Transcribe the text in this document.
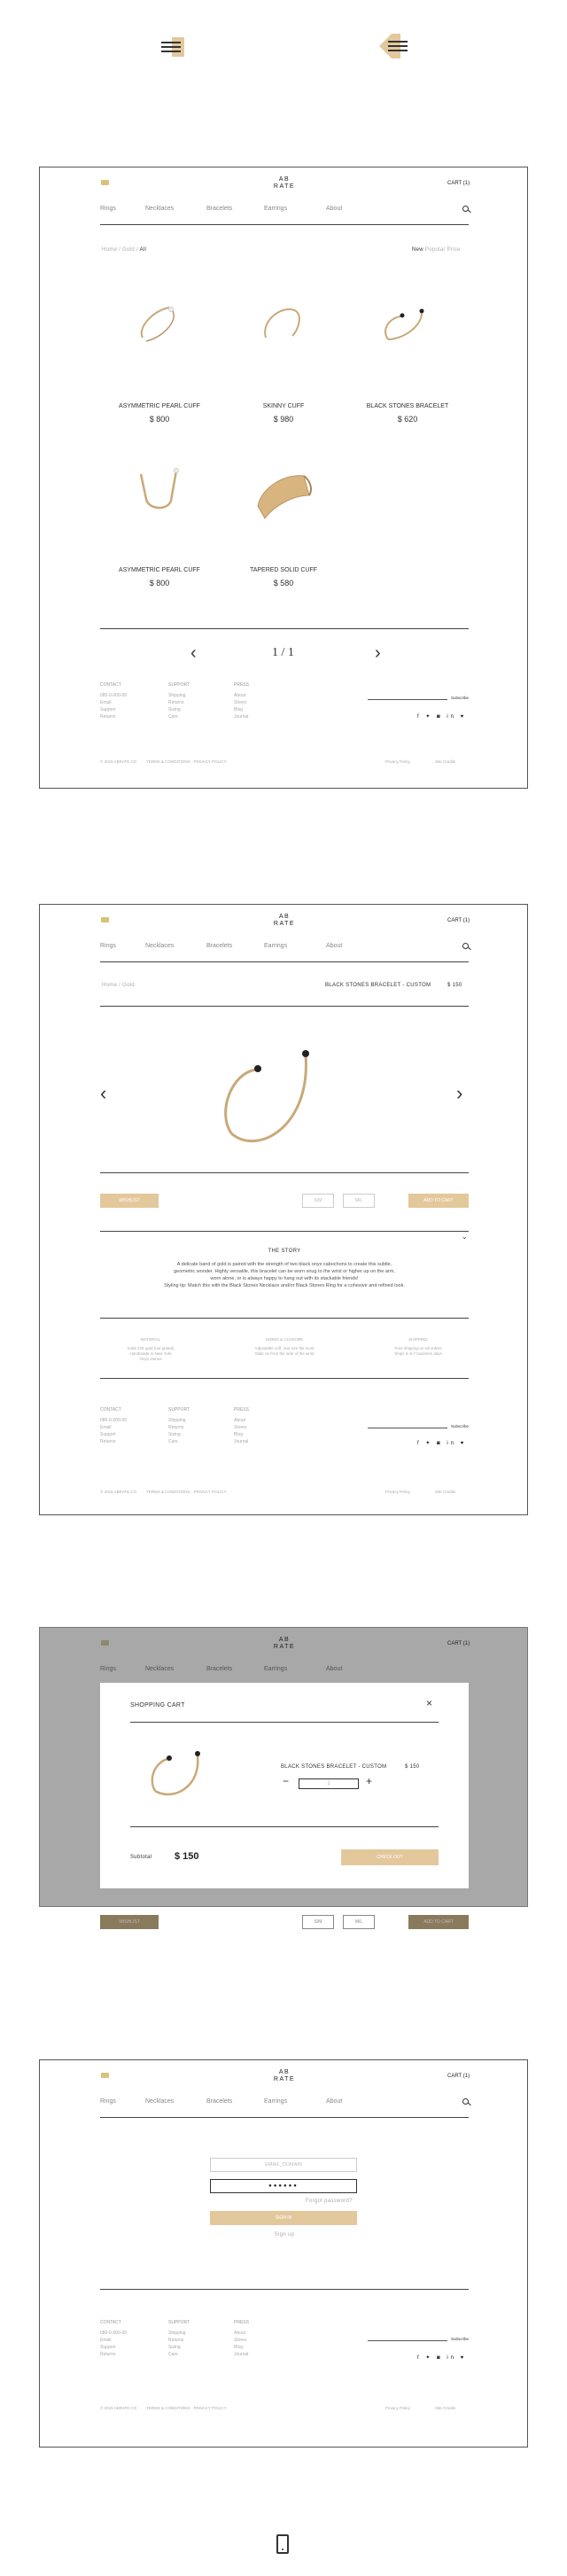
AB
RATE	CART (1)
Rings	Necklaces	Bracelets	Earrings	About
Home / Gold / All	New Popular Price
ASYMMETRIC PEARL CUFF
$ 800
SKINNY CUFF
$ 980
BLACK STONES BRACELET
$ 620
ASYMMETRIC PEARL CUFF
$ 800
TAPERED SOLID CUFF
$ 580
‹	1 / 1	›
CONTACT
080-0-000-00
Email
Support
Returns
SUPPORT
Shipping
Returns
Sizing
Care
PRESS
About
Stores
Blog
Journal
Subscribe
f ✦ ◙ in ♥
© 2015 ABRATE.CO TERMS & CONDITIONS · PRIVACY POLICY	Privacy Policy	Site Credits
AB
RATE	CART (1)
Rings	Necklaces	Bracelets	Earrings	About
Home / Gold	BLACK STONES BRACELET - CUSTOM	$ 150
‹	›
WISHLIST	S/M	M/L	ADD TO CART
⌄
THE STORY
A delicate band of gold is paired with the strength of two black onyx cabochons to create this subtle,
geometric wonder. Highly versatile, this bracelet can be worn snug to the wrist or higher up on the arm,
worn alone, or is always happy to hang out with its stackable friends!
Styling tip: Match this with the Black Stones Necklace and/or Black Stones Ring for a cohesive and refined look.
MATERIAL
Solid 14K gold (not plated)
Handmade in New York
Onyx stones
SIZING & CLOSURE
Adjustable cuff, one size fits most
Slide on from the side of the wrist
SHIPPING
Free shipping on all orders
Ships in 5-7 business days
CONTACT
080-0-000-00
Email
Support
Returns
SUPPORT
Shipping
Returns
Sizing
Care
PRESS
About
Stores
Blog
Journal
Subscribe
f ✦ ◙ in ♥
© 2015 ABRATE.CO TERMS & CONDITIONS · PRIVACY POLICY	Privacy Policy	Site Credits
AB
RATE	CART (1)
Rings	Necklaces	Bracelets	Earrings	About
SHOPPING CART	×
BLACK STONES BRACELET - CUSTOM	$ 150
−	1	+
Subtotal $ 150	CHECK OUT
WISHLIST	S/M	M/L	ADD TO CART
AB
RATE	CART (1)
Rings	Necklaces	Bracelets	Earrings	About
EMAIL_DOMAIN
●●●●●●
Forgot password?
SIGN IN
Sign up
CONTACT
080-0-000-00
Email
Support
Returns
SUPPORT
Shipping
Returns
Sizing
Care
PRESS
About
Stores
Blog
Journal
Subscribe
f ✦ ◙ in ♥
© 2015 ABRATE.CO TERMS & CONDITIONS · PRIVACY POLICY	Privacy Policy	Site Credits
